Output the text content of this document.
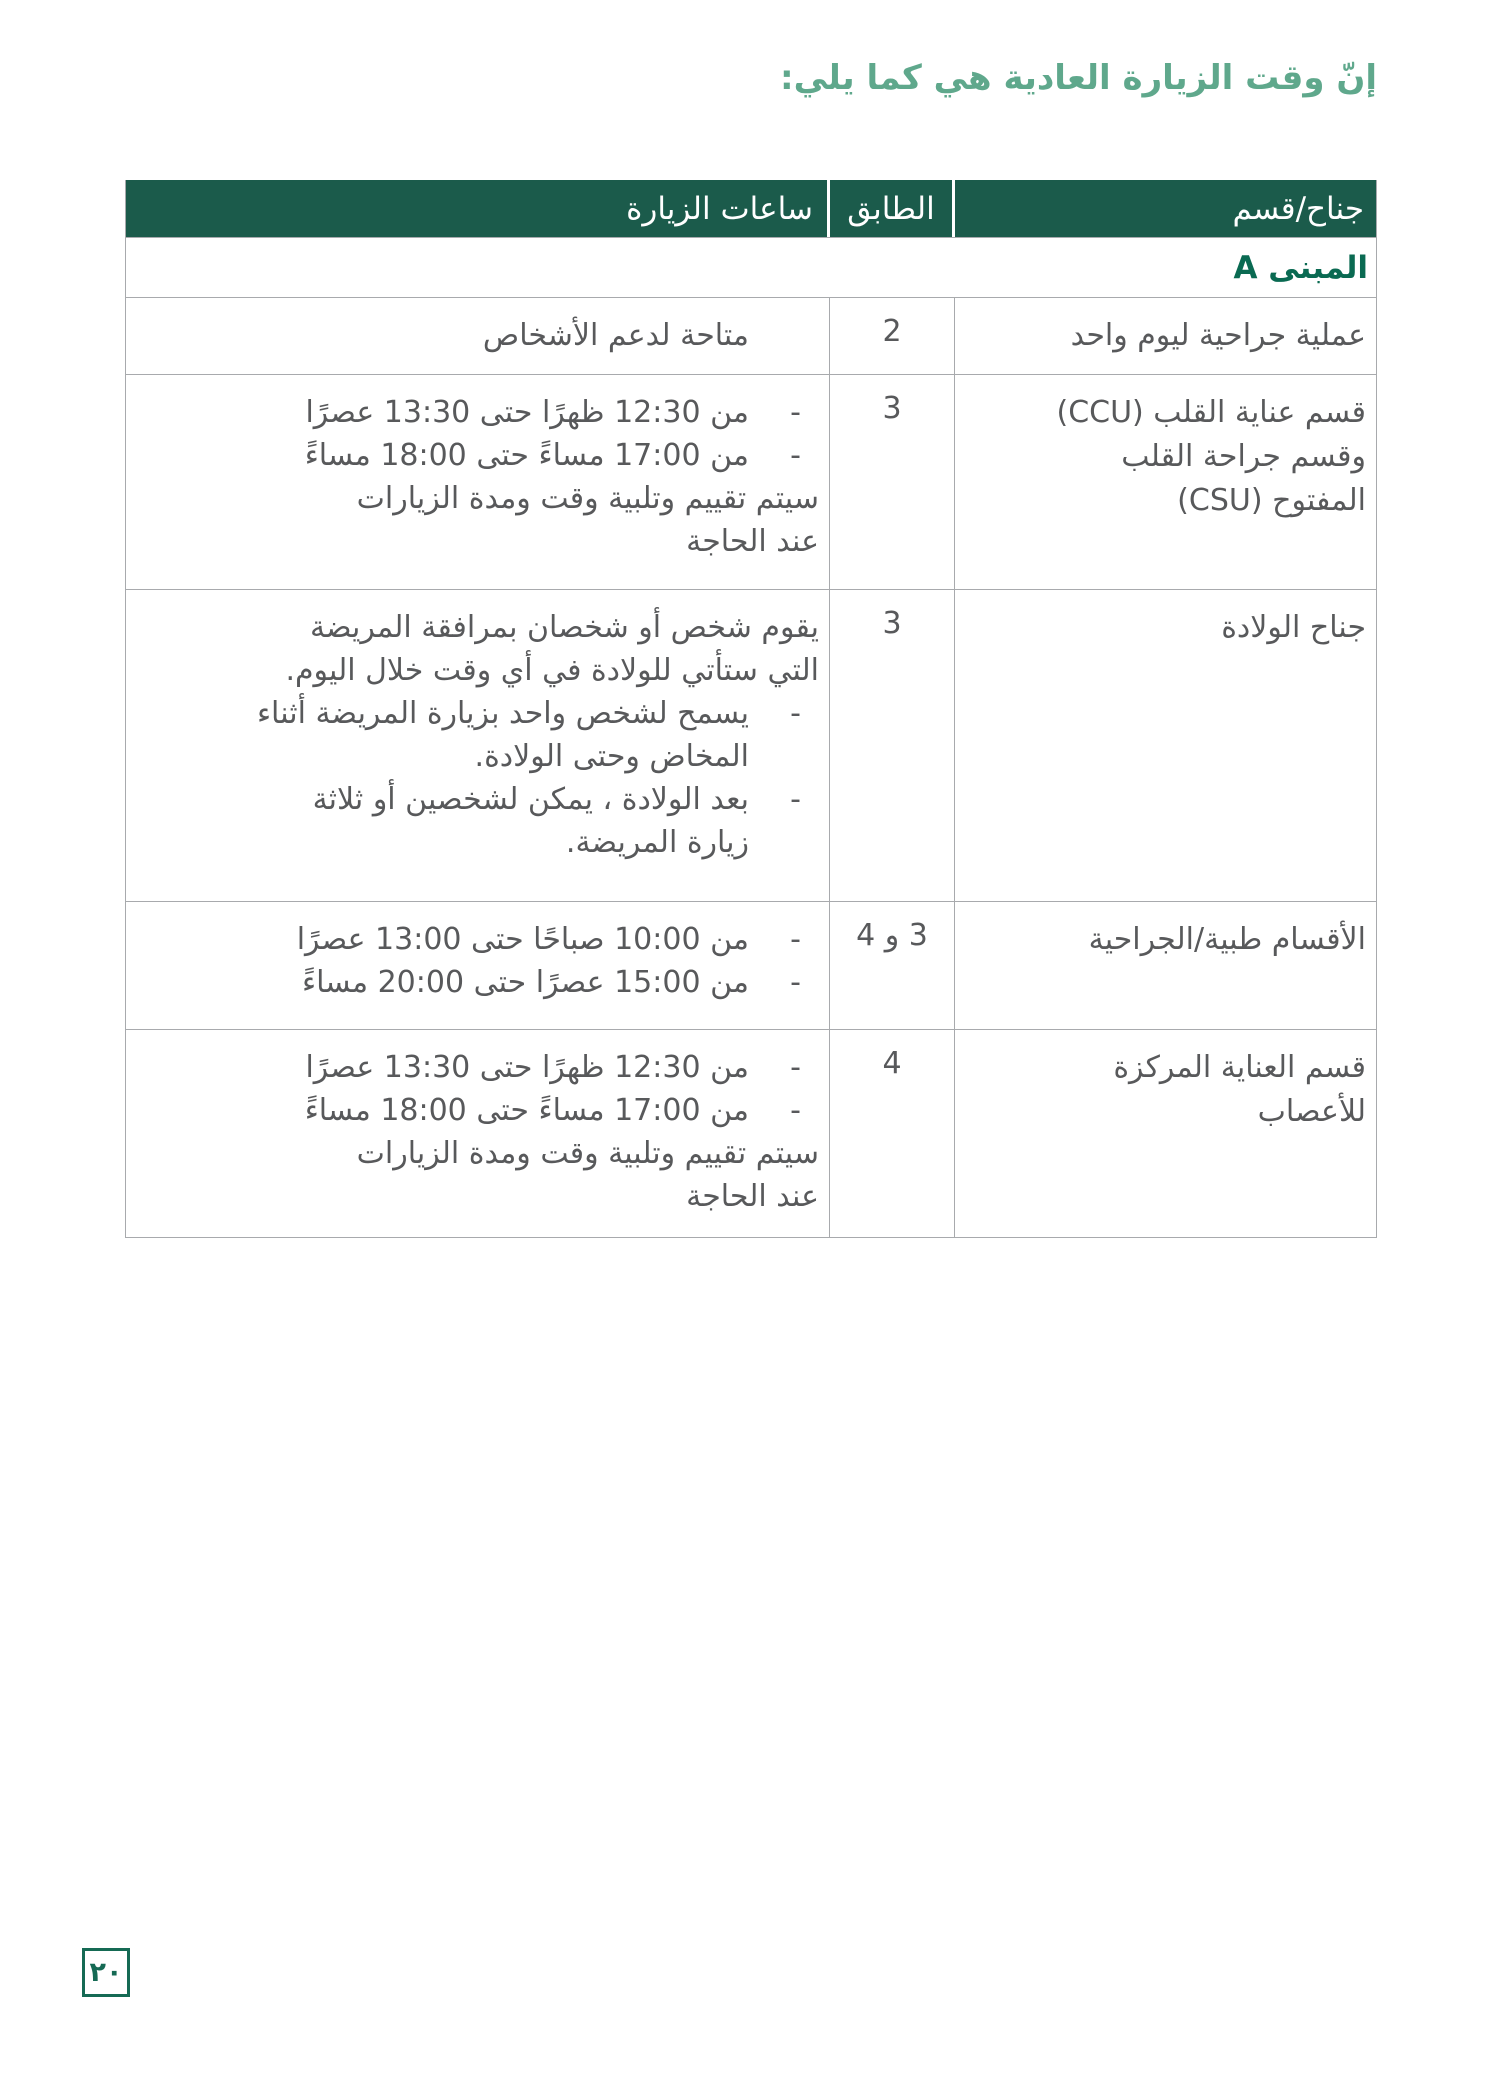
إنّ وقت الزيارة العادية هي كما يلي:
جناح/قسم
الطابق
ساعات الزيارة
المبنى A
عملية جراحية ليوم واحد
2
متاحة لدعم الأشخاص
قسم عناية القلب (CCU)
وقسم جراحة القلب
المفتوح (CSU)
3
-
من 12:30 ظهرًا حتى 13:30 عصرًا
-
من 17:00 مساءً حتى 18:00 مساءً
سيتم تقييم وتلبية وقت ومدة الزيارات
عند الحاجة
جناح الولادة
3
يقوم شخص أو شخصان بمرافقة المريضة
التي ستأتي للولادة في أي وقت خلال اليوم.
-
يسمح لشخص واحد بزيارة المريضة أثناء
المخاض وحتى الولادة.
-
بعد الولادة ، يمكن لشخصين أو ثلاثة
زيارة المريضة.
الأقسام طبية/الجراحية
3 و 4
-
من 10:00 صباحًا حتى 13:00 عصرًا
-
من 15:00 عصرًا حتى 20:00 مساءً
قسم العناية المركزة
للأعصاب
4
-
من 12:30 ظهرًا حتى 13:30 عصرًا
-
من 17:00 مساءً حتى 18:00 مساءً
سيتم تقييم وتلبية وقت ومدة الزيارات
عند الحاجة
٢٠
